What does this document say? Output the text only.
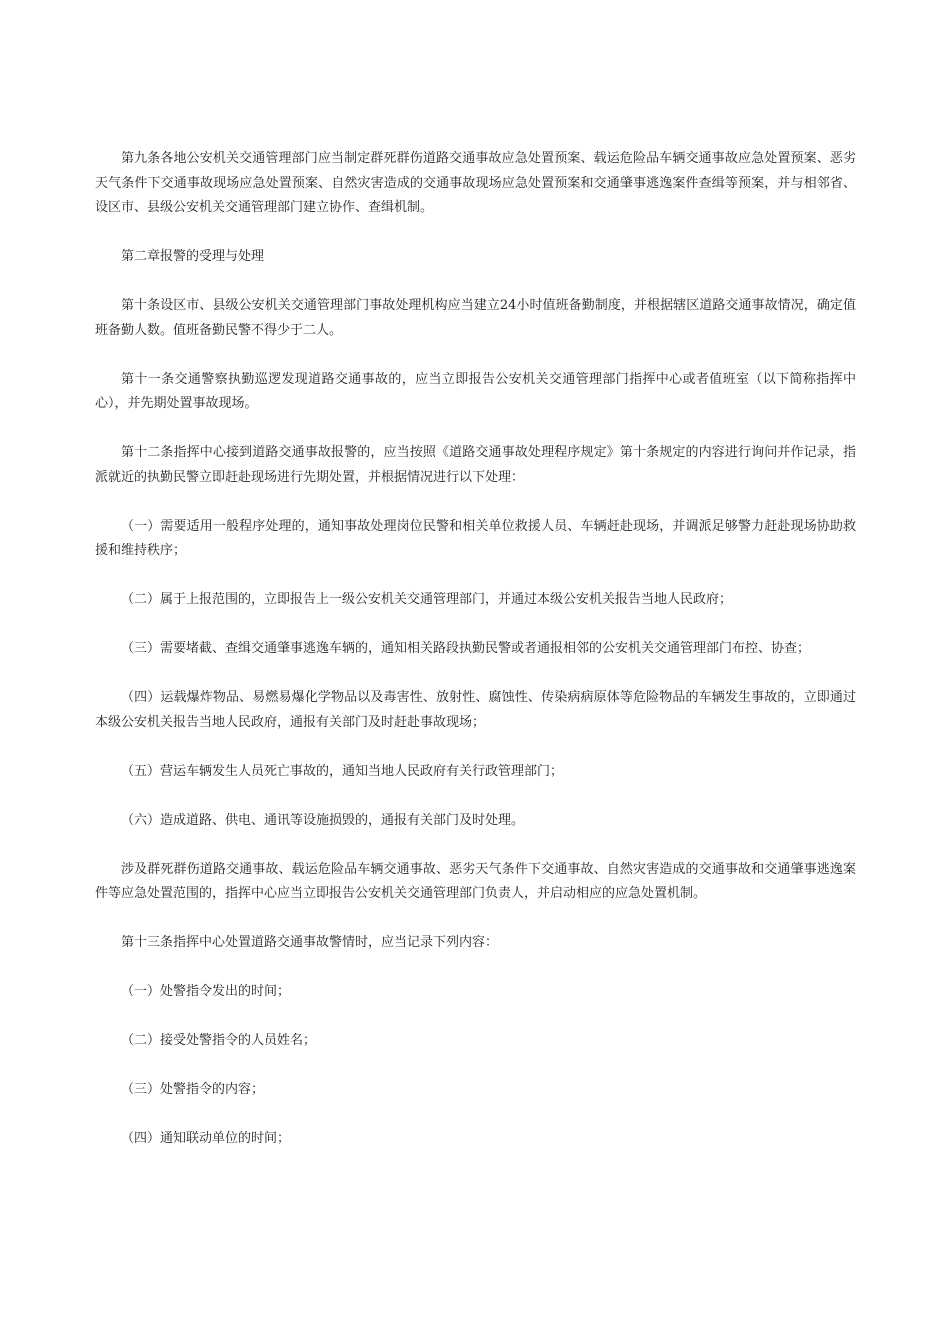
第九条各地公安机关交通管理部门应当制定群死群伤道路交通事故应急处置预案、载运危险品车辆交通事故应急处置预案、恶劣天气条件下交通事故现场应急处置预案、自然灾害造成的交通事故现场应急处置预案和交通肇事逃逸案件查缉等预案，并与相邻省、设区市、县级公安机关交通管理部门建立协作、查缉机制。

第二章报警的受理与处理

第十条设区市、县级公安机关交通管理部门事故处理机构应当建立24小时值班备勤制度，并根据辖区道路交通事故情况，确定值班备勤人数。值班备勤民警不得少于二人。

第十一条交通警察执勤巡逻发现道路交通事故的，应当立即报告公安机关交通管理部门指挥中心或者值班室（以下简称指挥中心），并先期处置事故现场。

第十二条指挥中心接到道路交通事故报警的，应当按照《道路交通事故处理程序规定》第十条规定的内容进行询问并作记录，指派就近的执勤民警立即赶赴现场进行先期处置，并根据情况进行以下处理：

（一）需要适用一般程序处理的，通知事故处理岗位民警和相关单位救援人员、车辆赶赴现场，并调派足够警力赶赴现场协助救援和维持秩序；

（二）属于上报范围的，立即报告上一级公安机关交通管理部门，并通过本级公安机关报告当地人民政府；

（三）需要堵截、查缉交通肇事逃逸车辆的，通知相关路段执勤民警或者通报相邻的公安机关交通管理部门布控、协查；

（四）运载爆炸物品、易燃易爆化学物品以及毒害性、放射性、腐蚀性、传染病病原体等危险物品的车辆发生事故的，立即通过本级公安机关报告当地人民政府，通报有关部门及时赶赴事故现场；

（五）营运车辆发生人员死亡事故的，通知当地人民政府有关行政管理部门；

（六）造成道路、供电、通讯等设施损毁的，通报有关部门及时处理。

涉及群死群伤道路交通事故、载运危险品车辆交通事故、恶劣天气条件下交通事故、自然灾害造成的交通事故和交通肇事逃逸案件等应急处置范围的，指挥中心应当立即报告公安机关交通管理部门负责人，并启动相应的应急处置机制。

第十三条指挥中心处置道路交通事故警情时，应当记录下列内容：

（一）处警指令发出的时间；

（二）接受处警指令的人员姓名；

（三）处警指令的内容；

（四）通知联动单位的时间；
